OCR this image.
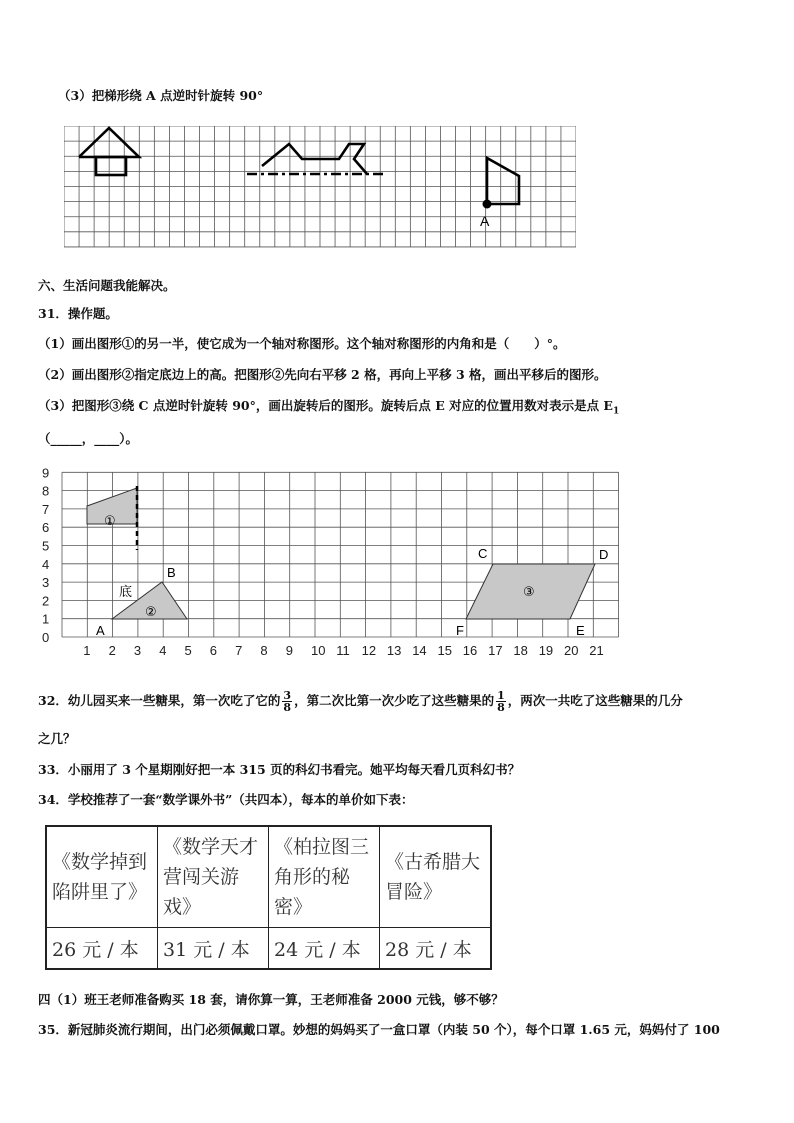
（3）把梯形绕 A 点逆时针旋转 90°
A
六、生活问题我能解决。
31．操作题。
（1）画出图形①的另一半，使它成为一个轴对称图形。这个轴对称图形的内角和是（　　）°。
（2）画出图形②指定底边上的高。把图形②先向右平移 2 格，再向上平移 3 格，画出平移后的图形。
（3）把图形③绕 C 点逆时针旋转 90°，画出旋转后的图形。旋转后点 E 对应的位置用数对表示是点 $E_1$
（_____，____）。
1 2 3 4 5 6 7 8 9 10 11 12 13 14 15 16 17 18 19 20 21
0
1
2
3
4
5
6
7
8
9
①
②
③
底
A
B
C	D
E
F
32．幼儿园买来一些糖果，第一次吃了它的 $\frac{3}{8}$ ，第二次比第一次少吃了这些糖果的 $\frac{1}{8}$ ，两次一共吃了这些糖果的几分
之几？
33．小丽用了 3 个星期刚好把一本 315 页的科幻书看完。她平均每天看几页科幻书？
34．学校推荐了一套“数学课外书”（共四本），每本的单价如下表：
《数学掉到陷阱里了》	《数学天才营闯关游戏》	《柏拉图三角形的秘密》	《古希腊大冒险》
26 元 / 本	31 元 / 本	24 元 / 本	28 元 / 本
四（1）班王老师准备购买 18 套，请你算一算，王老师准备 2000 元钱，够不够？
35．新冠肺炎流行期间，出门必须佩戴口罩。妙想的妈妈买了一盒口罩（内装 50 个），每个口罩 1.65 元，妈妈付了 100
